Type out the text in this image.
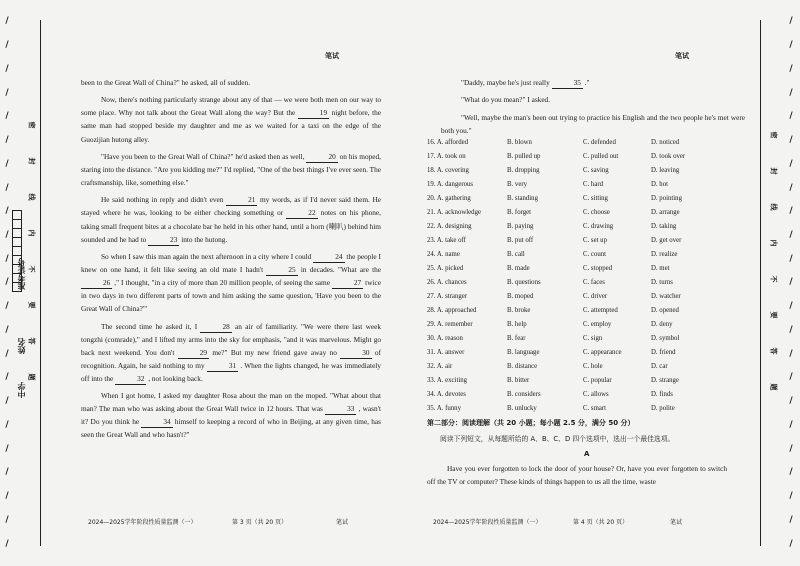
/
/
/
/
/
/
/
/
/
/
/
/
/
/
/
/
/
/
/
/
/
/
/
准考证号
姓名
中学
密
封
线
内
不
要
答
题
笔试

been to the Great Wall of China?" he asked, all of sudden.

Now, there's nothing particularly strange about any of that — we were both men on our way to some place. Why not talk about the Great Wall along the way? But the	19 night before, the same man had stopped beside my daughter and me as we waited for a taxi on the edge of the Guozijian hutong alley.

"Have you been to the Great Wall of China?" he'd asked then as well,	20 on his moped, staring into the distance. "Are you kidding me?" I'd replied, "One of the best things I've ever seen. The craftsmanship, like, something else."

He said nothing in reply and didn't even	21 my words, as if I'd never said them. He stayed where he was, looking to be either checking something or	22 notes on his phone, taking small frequent bites at a chocolate bar he held in his other hand, until a horn (喇叭) behind him sounded and he had to	23 into the hutong.

So when I saw this man again the next afternoon in a city where I could	24 the people I knew on one hand, it felt like seeing an old mate I hadn't	25 in decades. "What are the 26 ," I thought, "in a city of more than 20 million people, of seeing the same	27 twice in two days in two different parts of town and him asking the same question, 'Have you been to the Great Wall of China?'"

The second time he asked it, I	28 an air of familiarity. "We were there last week tongzhi (comrade)," and I lifted my arms into the sky for emphasis, "and it was marvelous. Might go back next weekend. You don't	29 me?" But my new friend gave away no	30 of recognition. Again, he said nothing to my	31 . When the lights changed, he was immediately off into the	32 , not looking back.

When I got home, I asked my daughter Rosa about the man on the moped. "What about that man? The man who was asking about the Great Wall twice in 12 hours. That was	33 , wasn't it? Do you think he	34 himself to keeping a record of who in Beijing, at any given time, has seen the Great Wall and who hasn't?"

2024—2025学年阶段性质量监测（一）	第 3 页（共 20 页）	笔试
笔试

"Daddy, maybe he's just really	35 ."

"What do you mean?" I asked.

"Well, maybe the man's been out trying to practice his English and the two people he's met were both you."

2024—2025学年阶段性质量监测（一）	第 4 页（共 20 页）	笔试
16. A. afforded	B. blown	C. defended	D. noticed
17. A. took on	B. pulled up	C. pulled out	D. took over
18. A. covering	B. dropping	C. saving	D. leaving
19. A. dangerous	B. very	C. hard	D. hot
20. A. gathering	B. standing	C. sitting	D. pointing
21. A. acknowledge	B. forget	C. choose	D. arrange
22. A. designing	B. paying	C. drawing	D. taking
23. A. take off	B. put off	C. set up	D. get over
24. A. name	B. call	C. count	D. realize
25. A. picked	B. made	C. stopped	D. met
26. A. chances	B. questions	C. faces	D. turns
27. A. stranger	B. moped	C. driver	D. watcher
28. A. approached	B. broke	C. attempted	D. opened
29. A. remember	B. help	C. employ	D. deny
30. A. reason	B. fear	C. sign	D. symbol
31. A. answer	B. language	C. appearance	D. friend
32. A. air	B. distance	C. hole	D. car
33. A. exciting	B. bitter	C. popular	D. strange
34. A. devotes	B. considers	C. allows	D. finds
35. A. funny	B. unlucky	C. smart	D. polite
第二部分：阅读理解（共 20 小题；每小题 2.5 分，满分 50 分）
阅读下列短文，从每题所给的 A、B、C、D 四个选项中，选出一个最佳选项。
A
Have you ever forgotten to lock the door of your house? Or, have you ever forgotten to switch off the TV or computer? These kinds of things happen to us all the time, waste
/
/
/
/
/
/
/
/
/
/
/
/
/
/
/
/
/
/
/
/
/
/
/
密
封
线
内
不
要
答
题
